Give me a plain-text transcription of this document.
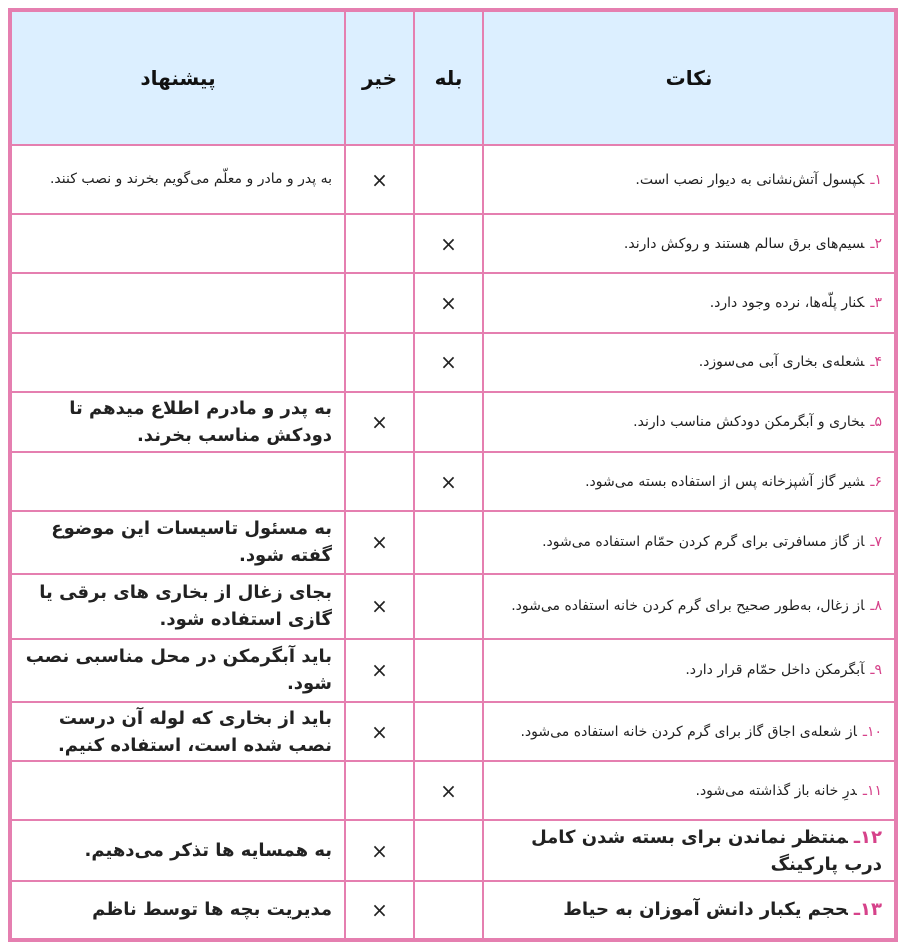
نکات	بله	خیر	پیشنهاد
۱ـکپسول آتش‌نشانی به دیوار نصب است.		×	به پدر و مادر و معلّم می‌گویم بخرند و نصب کنند.
۲ـسیم‌های برق سالم هستند و روکش دارند.	×		
۳ـکنار پلّه‌ها، نرده وجود دارد.	×		
۴ـشعله‌ی بخاری آبی می‌سوزد.	×		
۵ـبخاری و آبگرمکن دودکش مناسب دارند.		×	به پدر و مادرم اطلاع میدهم تا دودکش مناسب بخرند.
۶ـشیر گاز آشپزخانه پس از استفاده بسته می‌شود.	×		
۷ـاز گاز مسافرتی برای گرم کردن حمّام استفاده می‌شود.		×	به مسئول تاسیسات این موضوع گفته شود.
۸ـاز زغال، به‌طور صحیح برای گرم کردن خانه استفاده می‌شود.		×	بجای زغال از بخاری های برقی یا گازی استفاده شود.
۹ـآبگرمکن داخل حمّام قرار دارد.		×	باید آبگرمکن در محل مناسبی نصب شود.
۱۰ـاز شعله‌ی اجاق گاز برای گرم کردن خانه استفاده می‌شود.		×	باید از بخاری که لوله آن درست نصب شده است، استفاده کنیم.
۱۱ـدرِ خانه باز گذاشته می‌شود.	×		
۱۲ـمنتظر نماندن برای بسته شدن کامل درب پارکینگ		×	به همسایه ها تذکر می‌دهیم.
۱۳ـحجم یکبار دانش آموزان به حیاط		×	مدیریت بچه ها توسط ناظم
